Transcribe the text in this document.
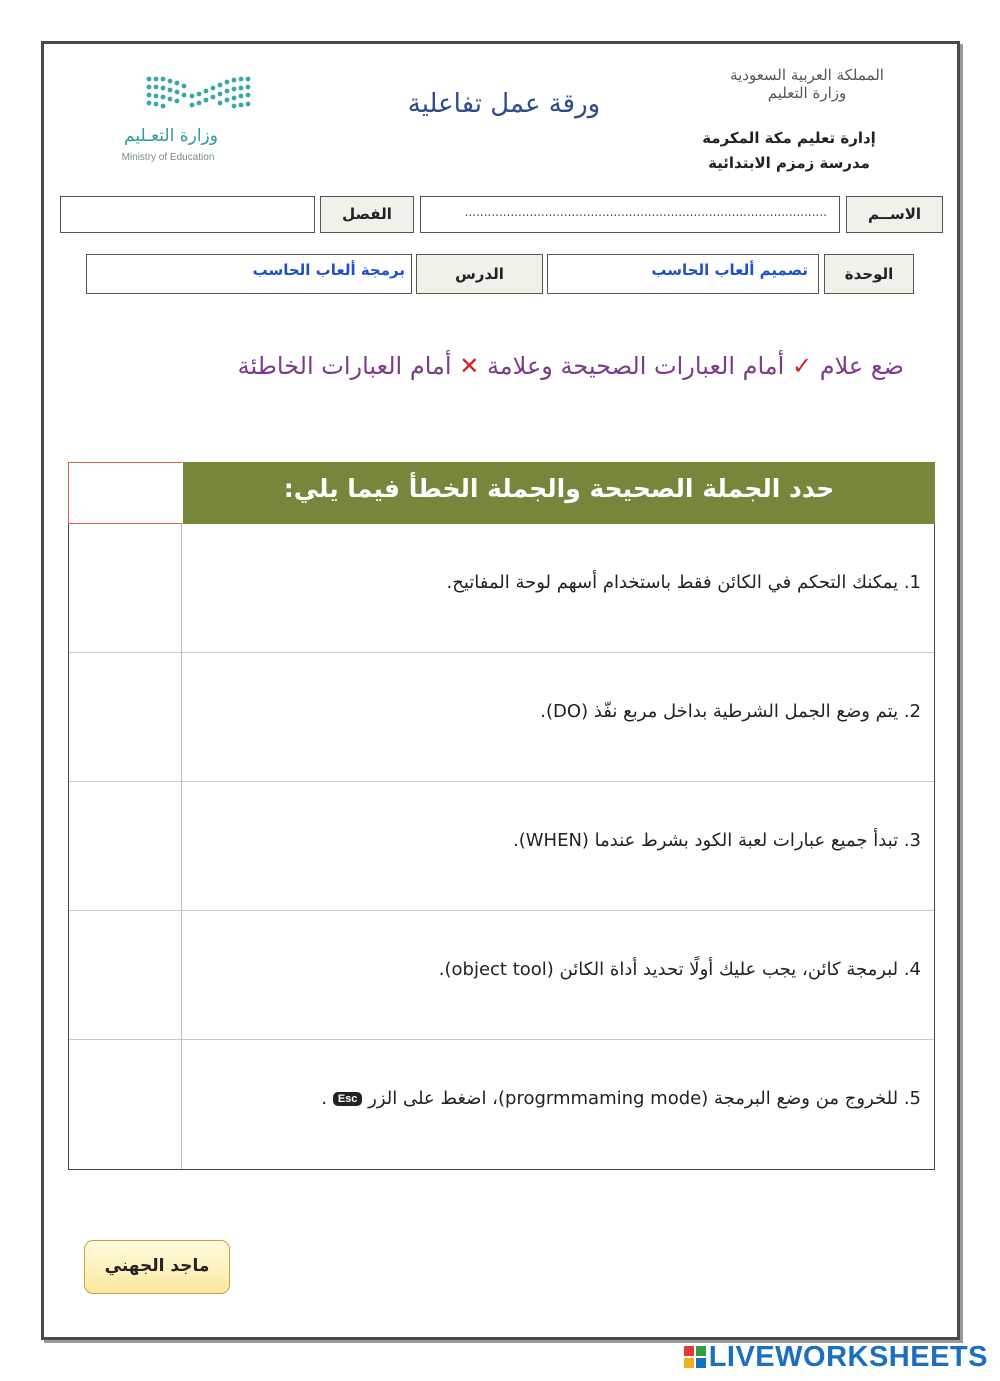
وزارة التعـليم
Ministry of Education
ورقة عمل تفاعلية
المملكة العربية السعودية
وزارة التعليم
إدارة تعليم مكة المكرمة
مدرسة زمزم الابتدائية
الاســم
...............................................................................................
الفصل
الوحدة
تصميم ألعاب الحاسب
الدرس
برمجة ألعاب الحاسب
ضع علام ✓ أمام العبارات الصحيحة وعلامة ✕ أمام العبارات الخاطئة
حدد الجملة الصحيحة والجملة الخطأ فيما يلي:
1. يمكنك التحكم في الكائن فقط باستخدام أسهم لوحة المفاتيح.
2. يتم وضع الجمل الشرطية بداخل مربع نفّذ (DO).
3. تبدأ جميع عبارات لعبة الكود بشرط عندما (WHEN).
4. لبرمجة كائن، يجب عليك أولًا تحديد أداة الكائن (object tool).
5. للخروج من وضع البرمجة (progrmmaming mode)، اضغط على الزر Esc .
ماجد الجهني
LIVEWORKSHEETS
